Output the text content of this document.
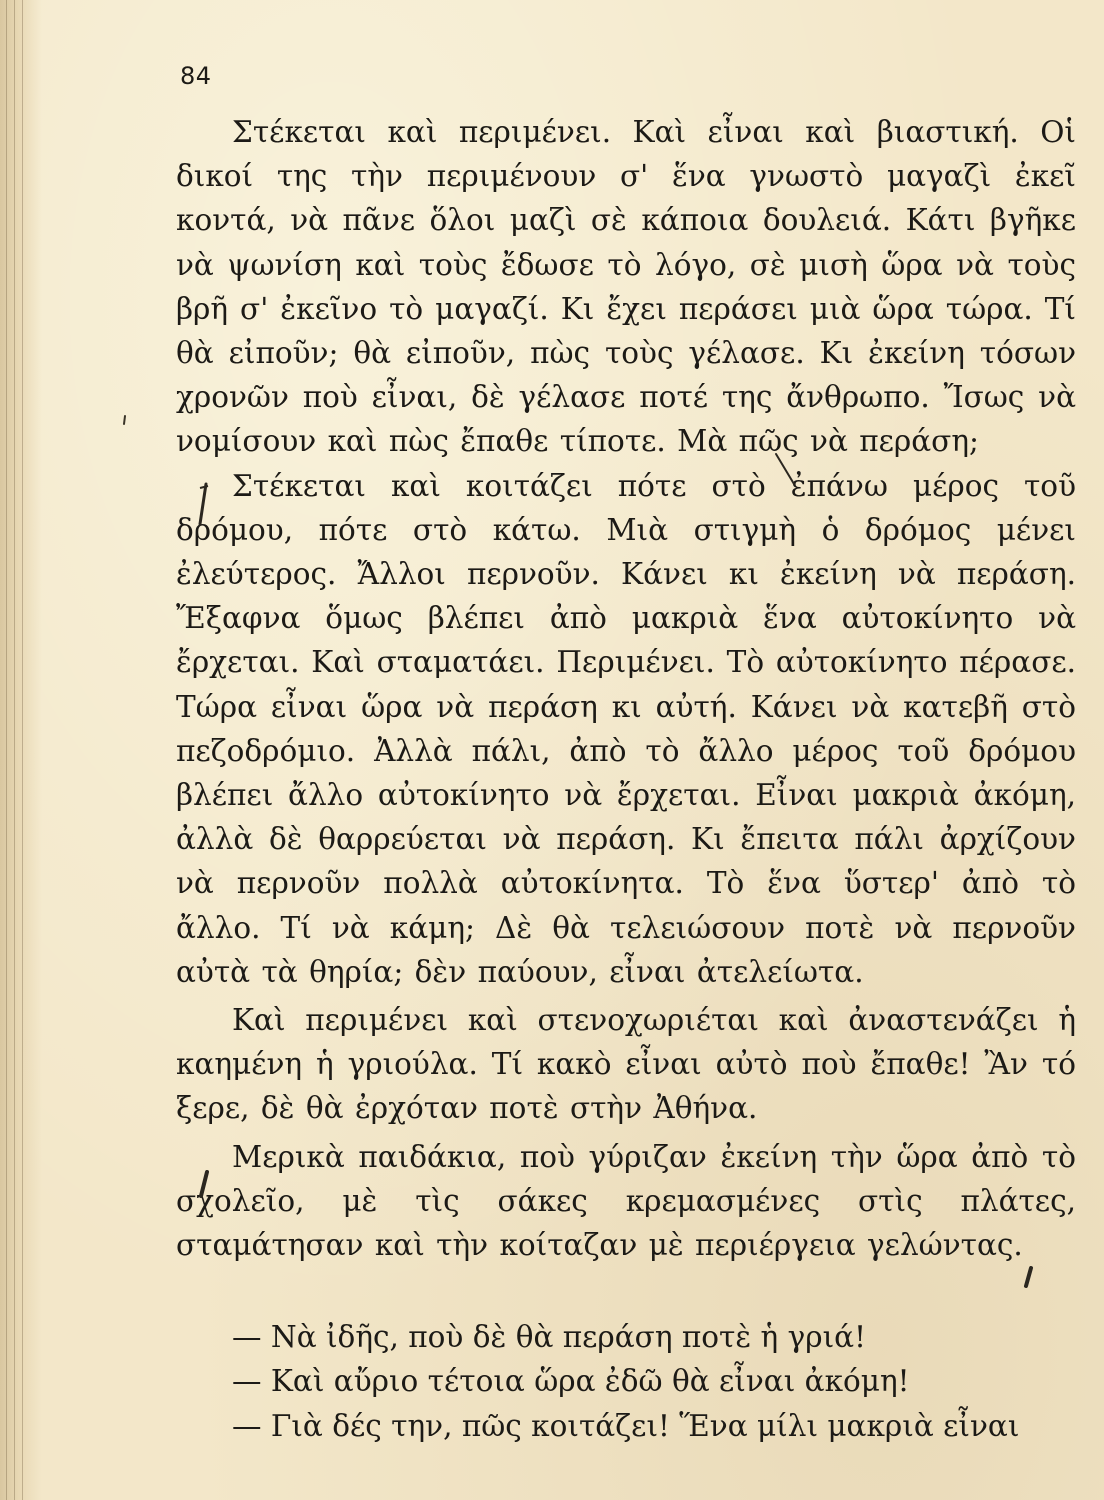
84

Στέκεται καὶ περιμένει. Καὶ εἶναι καὶ βιαστική. Οἱ δικοί της τὴν περιμένουν σ' ἕνα γνωστὸ μαγαζὶ ἐκεῖ κοντά, νὰ πᾶνε ὅλοι μαζὶ σὲ κάποια δουλειά. Κάτι βγῆκε νὰ ψωνίση καὶ τοὺς ἔδωσε τὸ λόγο, σὲ μισὴ ὥρα νὰ τοὺς βρῆ σ' ἐκεῖνο τὸ μαγαζί. Κι ἔχει περάσει μιὰ ὥρα τώρα. Τί θὰ εἰποῦν; θὰ εἰποῦν, πὼς τοὺς γέλασε. Κι ἐκείνη τόσων χρονῶν ποὺ εἶναι, δὲ γέλασε ποτέ της ἄνθρωπο. Ἴσως νὰ νομίσουν καὶ πὼς ἔπαθε τίποτε. Μὰ πῶς νὰ περάση;

Στέκεται καὶ κοιτάζει πότε στὸ ἐπάνω μέρος τοῦ δρόμου, πότε στὸ κάτω. Μιὰ στιγμὴ ὁ δρόμος μένει ἐλεύτερος. Ἄλλοι περνοῦν. Κάνει κι ἐκείνη νὰ περάση. Ἔξαφνα ὅμως βλέπει ἀπὸ μακριὰ ἕνα αὐτοκίνητο νὰ ἔρχεται. Καὶ σταματάει. Περιμένει. Τὸ αὐτοκίνητο πέρασε. Τώρα εἶναι ὥρα νὰ περάση κι αὐτή. Κάνει νὰ κατεβῆ στὸ πεζοδρόμιο. Ἀλλὰ πάλι, ἀπὸ τὸ ἄλλο μέρος τοῦ δρόμου βλέπει ἄλλο αὐτοκίνητο νὰ ἔρχεται. Εἶναι μακριὰ ἀκόμη, ἀλλὰ δὲ θαρρεύεται νὰ περάση. Κι ἔπειτα πάλι ἀρχίζουν νὰ περνοῦν πολλὰ αὐτοκίνητα. Τὸ ἕνα ὕστερ' ἀπὸ τὸ ἄλλο. Τί νὰ κάμη; Δὲ θὰ τελειώσουν ποτὲ νὰ περνοῦν αὐτὰ τὰ θηρία; δὲν παύουν, εἶναι ἀτελείωτα.

Καὶ περιμένει καὶ στενοχωριέται καὶ ἀναστενάζει ἡ καημένη ἡ γριούλα. Τί κακὸ εἶναι αὐτὸ ποὺ ἔπαθε! Ἂν τό ξερε, δὲ θὰ ἐρχόταν ποτὲ στὴν Ἀθήνα.

Μερικὰ παιδάκια, ποὺ γύριζαν ἐκείνη τὴν ὥρα ἀπὸ τὸ σχολεῖο, μὲ τὶς σάκες κρεμασμένες στὶς πλάτες, σταμάτησαν καὶ τὴν κοίταζαν μὲ περιέργεια γελώντας.

— Νὰ ἰδῆς, ποὺ δὲ θὰ περάση ποτὲ ἡ γριά!
— Καὶ αὔριο τέτοια ὥρα ἐδῶ θὰ εἶναι ἀκόμη!
— Γιὰ δές την, πῶς κοιτάζει! Ἕνα μίλι μακριὰ εἶναι
